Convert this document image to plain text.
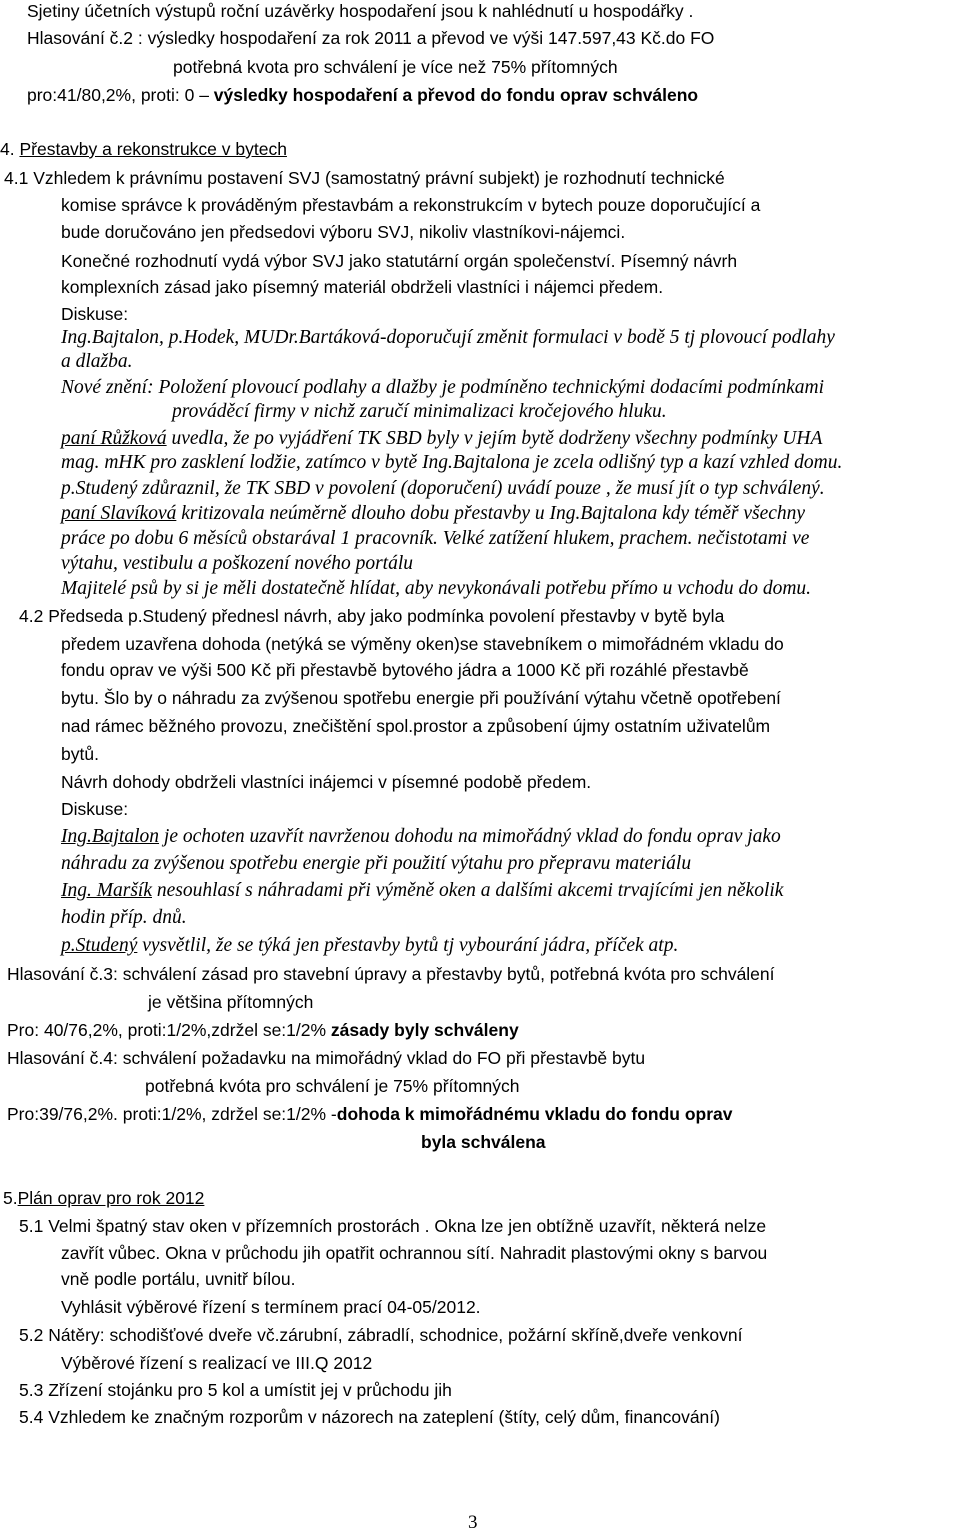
3
Sjetiny účetních výstupů roční uzávěrky hospodaření jsou k nahlédnutí u hospodářky .
Hlasování č.2 : výsledky hospodaření za rok 2011 a převod ve výši 147.597,43 Kč.do FO
potřebná kvota pro schválení je více než 75% přítomných
pro:41/80,2%, proti: 0 – výsledky hospodaření a převod do fondu oprav schváleno
4. Přestavby a rekonstrukce v bytech
4.1 Vzhledem k právnímu postavení SVJ (samostatný právní subjekt) je rozhodnutí technické
komise správce k prováděným přestavbám a rekonstrukcím v bytech pouze doporučující a
bude doručováno jen předsedovi výboru SVJ, nikoliv vlastníkovi-nájemci.
Konečné rozhodnutí vydá výbor SVJ jako statutární orgán společenství. Písemný návrh
komplexních zásad jako písemný materiál obdrželi vlastníci i nájemci předem.
Diskuse:
Ing.Bajtalon, p.Hodek, MUDr.Bartáková-doporučují změnit formulaci v bodě 5 tj plovoucí podlahy
a dlažba.
Nové znění: Položení plovoucí podlahy a dlažby je podmíněno technickými dodacími podmínkami
prováděcí firmy v nichž zaručí minimalizaci kročejového hluku.
paní Růžková uvedla, že po vyjádření TK SBD byly v jejím bytě dodrženy všechny podmínky UHA
mag. mHK pro zasklení lodžie, zatímco v bytě Ing.Bajtalona je zcela odlišný typ a kazí vzhled domu.
p.Studený zdůraznil, že TK SBD v povolení (doporučení) uvádí pouze , že musí jít o typ schválený.
paní Slavíková kritizovala neúměrně dlouho dobu přestavby u Ing.Bajtalona kdy téměř všechny
práce po dobu 6 měsíců obstarával 1 pracovník. Velké zatížení hlukem, prachem. nečistotami ve
výtahu, vestibulu a poškození nového portálu
Majitelé psů by si je měli dostatečně hlídat, aby nevykonávali potřebu přímo u vchodu do domu.
4.2 Předseda p.Studený přednesl návrh, aby jako podmínka povolení přestavby v bytě byla
předem uzavřena dohoda (netýká se výměny oken)se stavebníkem o mimořádném vkladu do
fondu oprav ve výši 500 Kč při přestavbě bytového jádra a 1000 Kč při rozáhlé přestavbě
bytu. Šlo by o náhradu za zvýšenou spotřebu energie při používání výtahu včetně opotřebení
nad rámec běžného provozu, znečištění spol.prostor a způsobení újmy ostatním uživatelům
bytů.
Návrh dohody obdrželi vlastníci inájemci v písemné podobě předem.
Diskuse:
Ing.Bajtalon je ochoten uzavřít navrženou dohodu na mimořádný vklad do fondu oprav jako
náhradu za zvýšenou spotřebu energie při použití výtahu pro přepravu materiálu
Ing. Maršík nesouhlasí s náhradami při výměně oken a dalšími akcemi trvajícími jen několik
hodin příp. dnů.
p.Studený vysvětlil, že se týká jen přestavby bytů tj vybourání jádra, příček atp.
Hlasování č.3: schválení zásad pro stavební úpravy a přestavby bytů, potřebná kvóta pro schválení
je většina přítomných
Pro: 40/76,2%, proti:1/2%,zdržel se:1/2% zásady byly schváleny
Hlasování č.4: schválení požadavku na mimořádný vklad do FO při přestavbě bytu
potřebná kvóta pro schválení je 75% přítomných
Pro:39/76,2%. proti:1/2%, zdržel se:1/2% -dohoda k mimořádnému vkladu do fondu oprav
byla schválena
5.Plán oprav pro rok 2012
5.1 Velmi špatný stav oken v přízemních prostorách . Okna lze jen obtížně uzavřít, některá nelze
zavřít vůbec. Okna v průchodu jih opatřit ochrannou sítí. Nahradit plastovými okny s barvou
vně podle portálu, uvnitř bílou.
Vyhlásit výběrové řízení s termínem prací 04-05/2012.
5.2 Nátěry: schodišťové dveře vč.zárubní, zábradlí, schodnice, požární skříně,dveře venkovní
Výběrové řízení s realizací ve III.Q 2012
5.3 Zřízení stojánku pro 5 kol a umístit jej v průchodu jih
5.4 Vzhledem ke značným rozporům v názorech na zateplení (štíty, celý dům, financování)
